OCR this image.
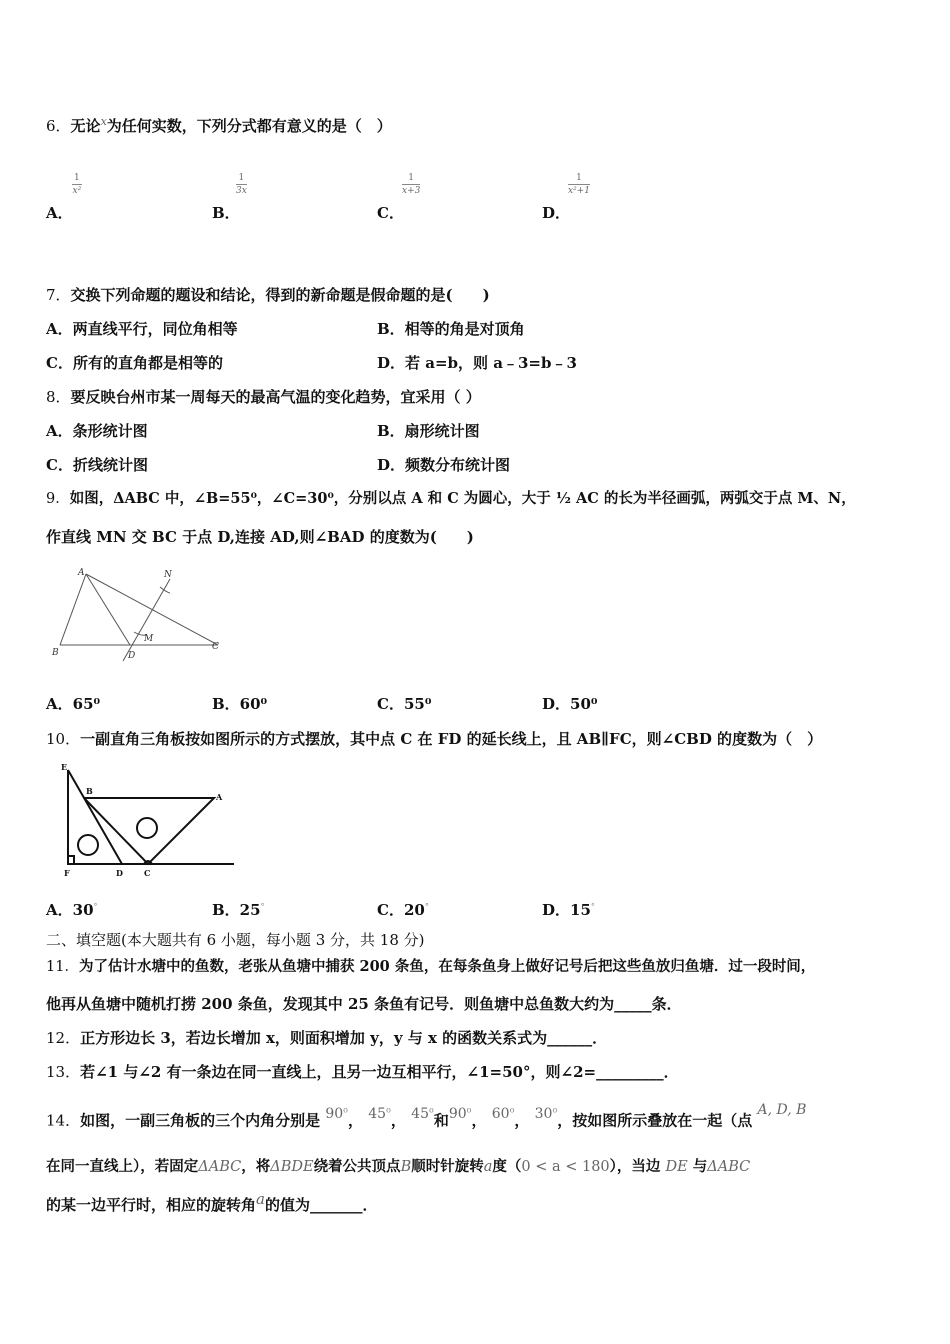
6．无论$^x$为任何实数，下列分式都有意义的是（　）
A．
$\frac{1}{\text{x²}}$
B．
$\frac{1}{3x}$
C．
$\frac{1}{x+3}$
D．
$\frac{1}{\text{x²+1}}$
7．交换下列命题的题设和结论，得到的新命题是假命题的是(　　)
A．两直线平行，同位角相等	B．相等的角是对顶角
C．所有的直角都是相等的	D．若 a=b，则 a﹣3=b﹣3
8．要反映台州市某一周每天的最高气温的变化趋势，宜采用（ ）
A．条形统计图	B．扇形统计图
C．折线统计图	D．频数分布统计图
9．如图，ΔABC 中，∠B=55⁰，∠C=30⁰，分别以点 A 和 C 为圆心，大于 ½ AC 的长为半径画弧，两弧交于点 M、N，
作直线 MN 交 BC 于点 D,连接 AD,则∠BAD 的度数为(　　)
A
B
C
D
M
N
A．65⁰	B．60⁰	C．55⁰	D．50⁰
10．一副直角三角板按如图所示的方式摆放，其中点 C 在 FD 的延长线上，且 AB∥FC，则∠CBD 的度数为（　）
E
B
A
F	D	C
A．30°	B．25°	C．20°	D．15°
二、填空题(本大题共有 6 小题，每小题 3 分，共 18 分)
11．为了估计水塘中的鱼数，老张从鱼塘中捕获 200 条鱼，在每条鱼身上做好记号后把这些鱼放归鱼塘．过一段时间，
他再从鱼塘中随机打捞 200 条鱼，发现其中 25 条鱼有记号．则鱼塘中总鱼数大约为_____条．
12．正方形边长 3，若边长增加 x，则面积增加 y，y 与 x 的函数关系式为______．
13．若∠1 与∠2 有一条边在同一直线上，且另一边互相平行，∠1=50°，则∠2=_________．
14．如图，一副三角板的三个内角分别是 90$^o$， 45$^o$， 45$^o$和90$^o$， 60$^o$， 30$^o$，按如图所示叠放在一起（点 A, D, B
在同一直线上），若固定ΔABC，将ΔBDE绕着公共顶点B顺时针旋转a度（0 < a < 180），当边 DE 与ΔABC
的某一边平行时，相应的旋转角a的值为_______．
